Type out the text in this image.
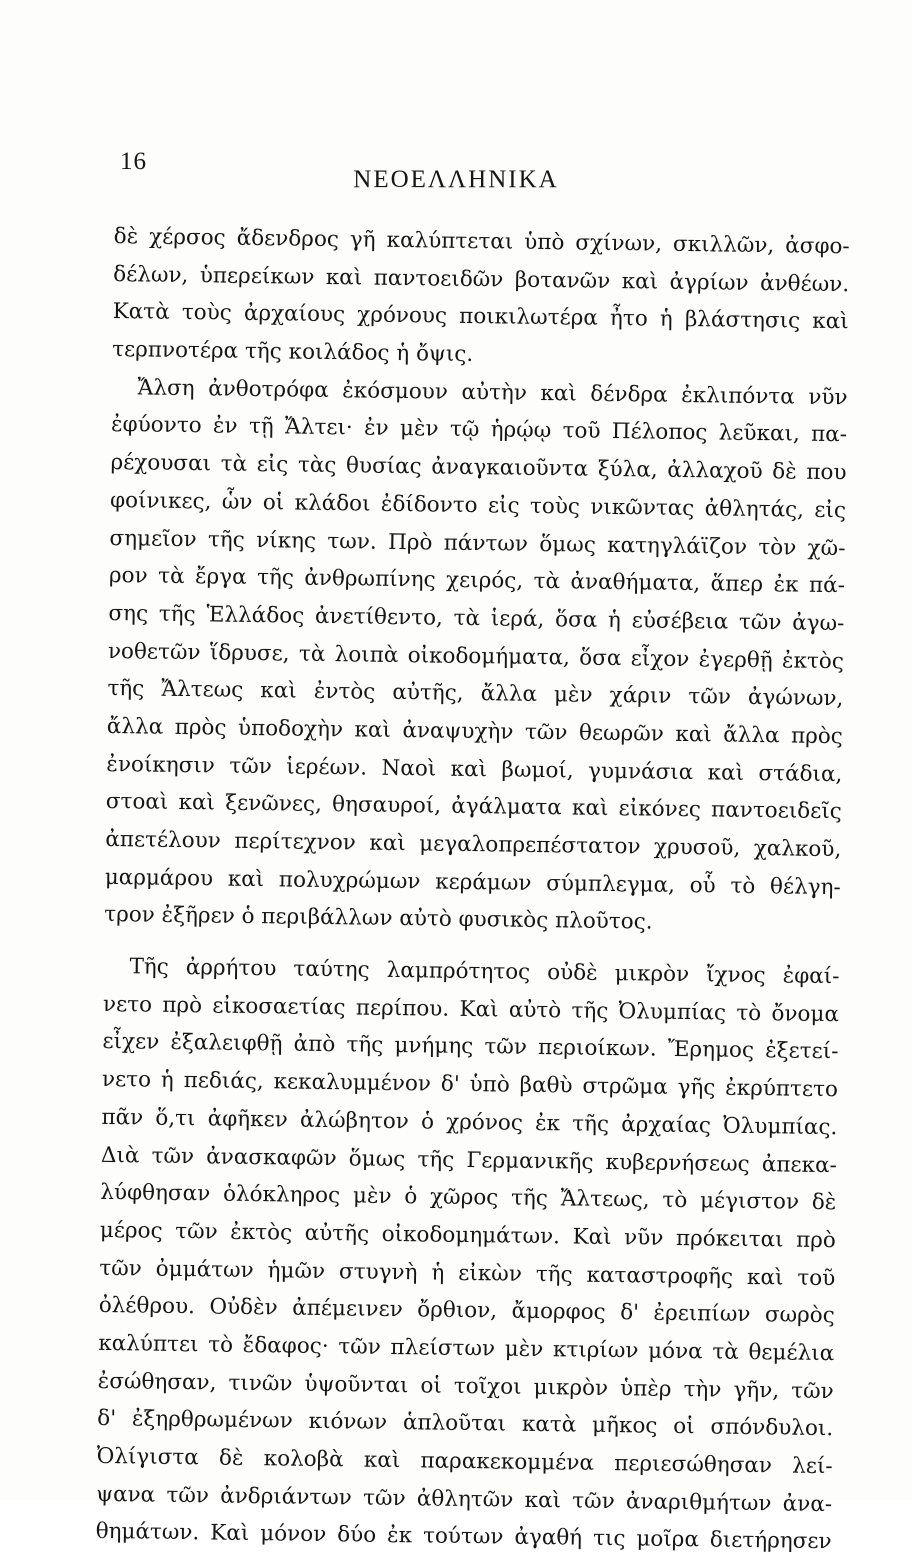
16
ΝΕΟΕΛΛΗΝΙΚΑ
δὲ χέρσος ἄδενδρος γῆ καλύπτεται ὑπὸ σχίνων, σκιλλῶν, ἀσφο-
δέλων, ὑπερείκων καὶ παντοειδῶν βοτανῶν καὶ ἀγρίων ἀνθέων.
Κατὰ τοὺς ἀρχαίους χρόνους ποικιλωτέρα ἦτο ἡ βλάστησις καὶ
τερπνοτέρα τῆς κοιλάδος ἡ ὄψις.
Ἄλση ἀνθοτρόφα ἐκόσμουν αὐτὴν καὶ δένδρα ἐκλιπόντα νῦν
ἐφύοντο ἐν τῇ Ἄλτει· ἐν μὲν τῷ ἡρῴῳ τοῦ Πέλοπος λεῦκαι, πα-
ρέχουσαι τὰ εἰς τὰς θυσίας ἀναγκαιοῦντα ξύλα, ἀλλαχοῦ δὲ που
φοίνικες, ὧν οἱ κλάδοι ἐδίδοντο εἰς τοὺς νικῶντας ἀθλητάς, εἰς
σημεῖον τῆς νίκης των. Πρὸ πάντων ὅμως κατηγλάϊζον τὸν χῶ-
ρον τὰ ἔργα τῆς ἀνθρωπίνης χειρός, τὰ ἀναθήματα, ἅπερ ἐκ πά-
σης τῆς Ἑλλάδος ἀνετίθεντο, τὰ ἱερά, ὅσα ἡ εὐσέβεια τῶν ἀγω-
νοθετῶν ἵδρυσε, τὰ λοιπὰ οἰκοδομήματα, ὅσα εἶχον ἐγερθῇ ἐκτὸς
τῆς Ἄλτεως καὶ ἐντὸς αὐτῆς, ἄλλα μὲν χάριν τῶν ἀγώνων,
ἄλλα πρὸς ὑποδοχὴν καὶ ἀναψυχὴν τῶν θεωρῶν καὶ ἄλλα πρὸς
ἐνοίκησιν τῶν ἱερέων. Ναοὶ καὶ βωμοί, γυμνάσια καὶ στάδια,
στοαὶ καὶ ξενῶνες, θησαυροί, ἀγάλματα καὶ εἰκόνες παντοειδεῖς
ἀπετέλουν περίτεχνον καὶ μεγαλοπρεπέστατον χρυσοῦ, χαλκοῦ,
μαρμάρου καὶ πολυχρώμων κεράμων σύμπλεγμα, οὗ τὸ θέλγη-
τρον ἐξῆρεν ὁ περιβάλλων αὐτὸ φυσικὸς πλοῦτος.
Τῆς ἀρρήτου ταύτης λαμπρότητος οὐδὲ μικρὸν ἴχνος ἐφαί-
νετο πρὸ εἰκοσαετίας περίπου. Καὶ αὐτὸ τῆς Ὀλυμπίας τὸ ὄνομα
εἶχεν ἐξαλειφθῇ ἀπὸ τῆς μνήμης τῶν περιοίκων. Ἔρημος ἐξετεί-
νετο ἡ πεδιάς, κεκαλυμμένον δ' ὑπὸ βαθὺ στρῶμα γῆς ἐκρύπτετο
πᾶν ὅ,τι ἀφῆκεν ἀλώβητον ὁ χρόνος ἐκ τῆς ἀρχαίας Ὀλυμπίας.
Διὰ τῶν ἀνασκαφῶν ὅμως τῆς Γερμανικῆς κυβερνήσεως ἀπεκα-
λύφθησαν ὁλόκληρος μὲν ὁ χῶρος τῆς Ἄλτεως, τὸ μέγιστον δὲ
μέρος τῶν ἐκτὸς αὐτῆς οἰκοδομημάτων. Καὶ νῦν πρόκειται πρὸ
τῶν ὀμμάτων ἡμῶν στυγνὴ ἡ εἰκὼν τῆς καταστροφῆς καὶ τοῦ
ὀλέθρου. Οὐδὲν ἀπέμεινεν ὄρθιον, ἄμορφος δ' ἐρειπίων σωρὸς
καλύπτει τὸ ἔδαφος· τῶν πλείστων μὲν κτιρίων μόνα τὰ θεμέλια
ἐσώθησαν, τινῶν ὑψοῦνται οἱ τοῖχοι μικρὸν ὑπὲρ τὴν γῆν, τῶν
δ' ἐξηρθρωμένων κιόνων ἁπλοῦται κατὰ μῆκος οἱ σπόνδυλοι.
Ὀλίγιστα δὲ κολοβὰ καὶ παρακεκομμένα περιεσώθησαν λεί-
ψανα τῶν ἀνδριάντων τῶν ἀθλητῶν καὶ τῶν ἀναριθμήτων ἀνα-
θημάτων. Καὶ μόνον δύο ἐκ τούτων ἀγαθή τις μοῖρα διετήρησεν
